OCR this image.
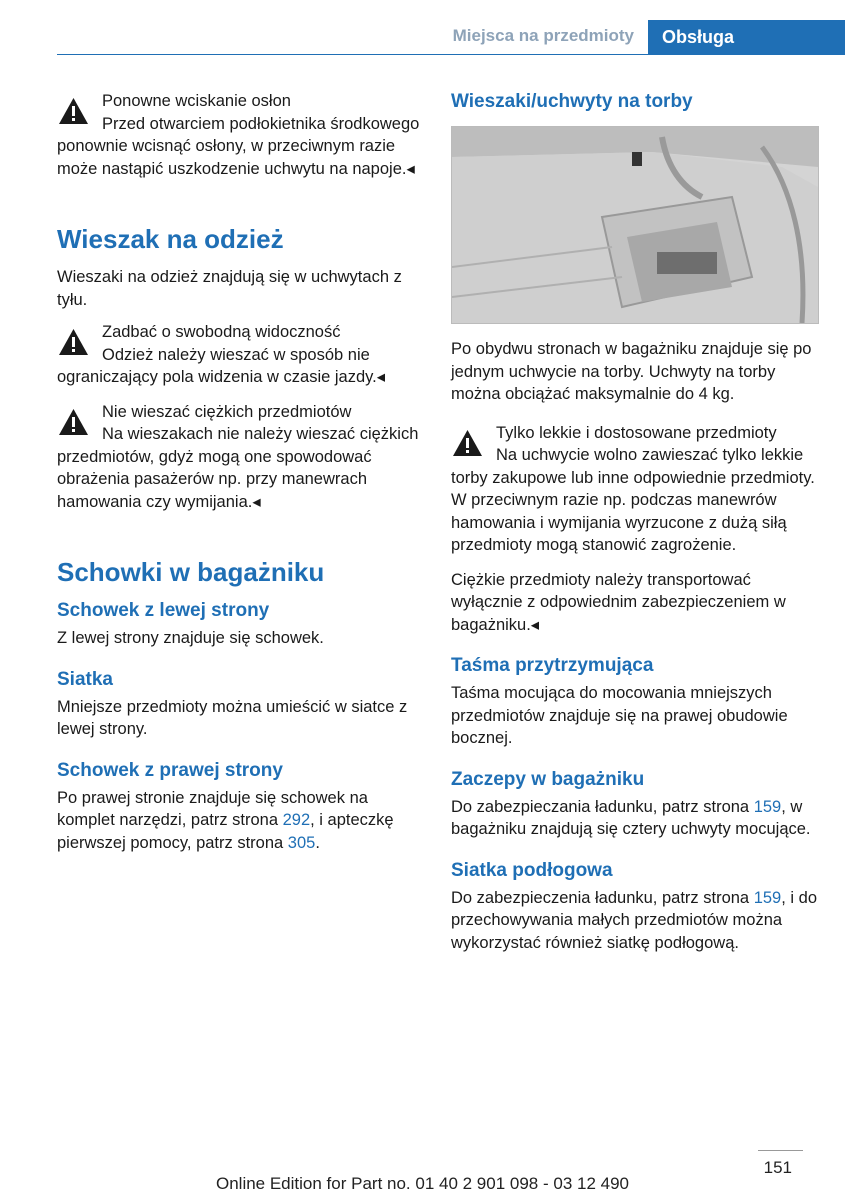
Miejsca na przedmioty Obsługa
Ponowne wciskanie osłon

Przed otwarciem podłokietnika środkowego ponownie wcisnąć osłony, w przeciwnym razie może nastąpić uszkodzenie uchwytu na napoje.◂

Wieszak na odzież

Wieszaki na odzież znajdują się w uchwytach z tyłu.

Zadbać o swobodną widoczność

Odzież należy wieszać w sposób nie ograniczający pola widzenia w czasie jazdy.◂

Nie wieszać ciężkich przedmiotów

Na wieszakach nie należy wieszać ciężkich przedmiotów, gdyż mogą one spowodować obrażenia pasażerów np. przy manewrach hamowania czy wymijania.◂

Schowki w bagażniku
Schowek z lewej strony

Z lewej strony znajduje się schowek.

Siatka

Mniejsze przedmioty można umieścić w siatce z lewej strony.

Schowek z prawej strony

Po prawej stronie znajduje się schowek na komplet narzędzi, patrz strona 292, i apteczkę pierwszej pomocy, patrz strona 305.

Wieszaki/uchwyty na torby

Po obydwu stronach w bagażniku znajduje się po jednym uchwycie na torby. Uchwyty na torby można obciążać maksymalnie do 4 kg.

Tylko lekkie i dostosowane przedmioty

Na uchwycie wolno zawieszać tylko lekkie torby zakupowe lub inne odpowiednie przedmioty. W przeciwnym razie np. podczas manewrów hamowania i wymijania wyrzucone z dużą siłą przedmioty mogą stanowić zagrożenie.

Ciężkie przedmioty należy transportować wyłącznie z odpowiednim zabezpieczeniem w bagażniku.◂

Taśma przytrzymująca

Taśma mocująca do mocowania mniejszych przedmiotów znajduje się na prawej obudowie bocznej.

Zaczepy w bagażniku

Do zabezpieczania ładunku, patrz strona 159, w bagażniku znajdują się cztery uchwyty mocujące.

Siatka podłogowa

Do zabezpieczenia ładunku, patrz strona 159, i do przechowywania małych przedmiotów można wykorzystać również siatkę podłogową.

151
Online Edition for Part no. 01 40 2 901 098 - 03 12 490
